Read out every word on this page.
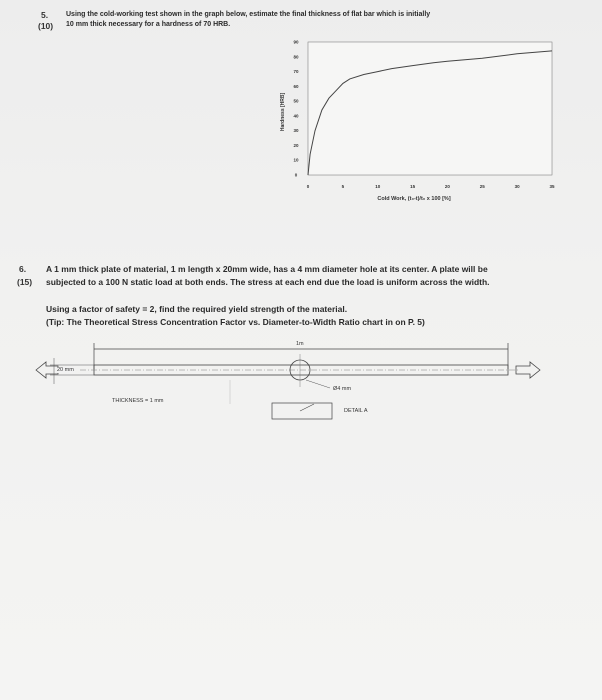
5.
(10)
Using the cold-working test shown in the graph below, estimate the final thickness of flat bar which is initially
10 mm thick necessary for a hardness of 70 HRB.
0	5	10	15	20	25	30	35
0
10
20
30
40
50
60
70
80
90
Cold Work, (t₀-t)/t₀ x 100 [%]
Hardness [HRB]
6.
(15)
A 1 mm thick plate of material, 1 m length x 20mm wide, has a 4 mm diameter hole at its center. A plate will be
subjected to a 100 N static load at both ends. The stress at each end due the load is uniform across the width.
Using a factor of safety = 2, find the required yield strength of the material.
(Tip: The Theoretical Stress Concentration Factor vs. Diameter-to-Width Ratio chart in on P. 5)
1m
20 mm
Ø4 mm
THICKNESS = 1 mm
DETAIL A
